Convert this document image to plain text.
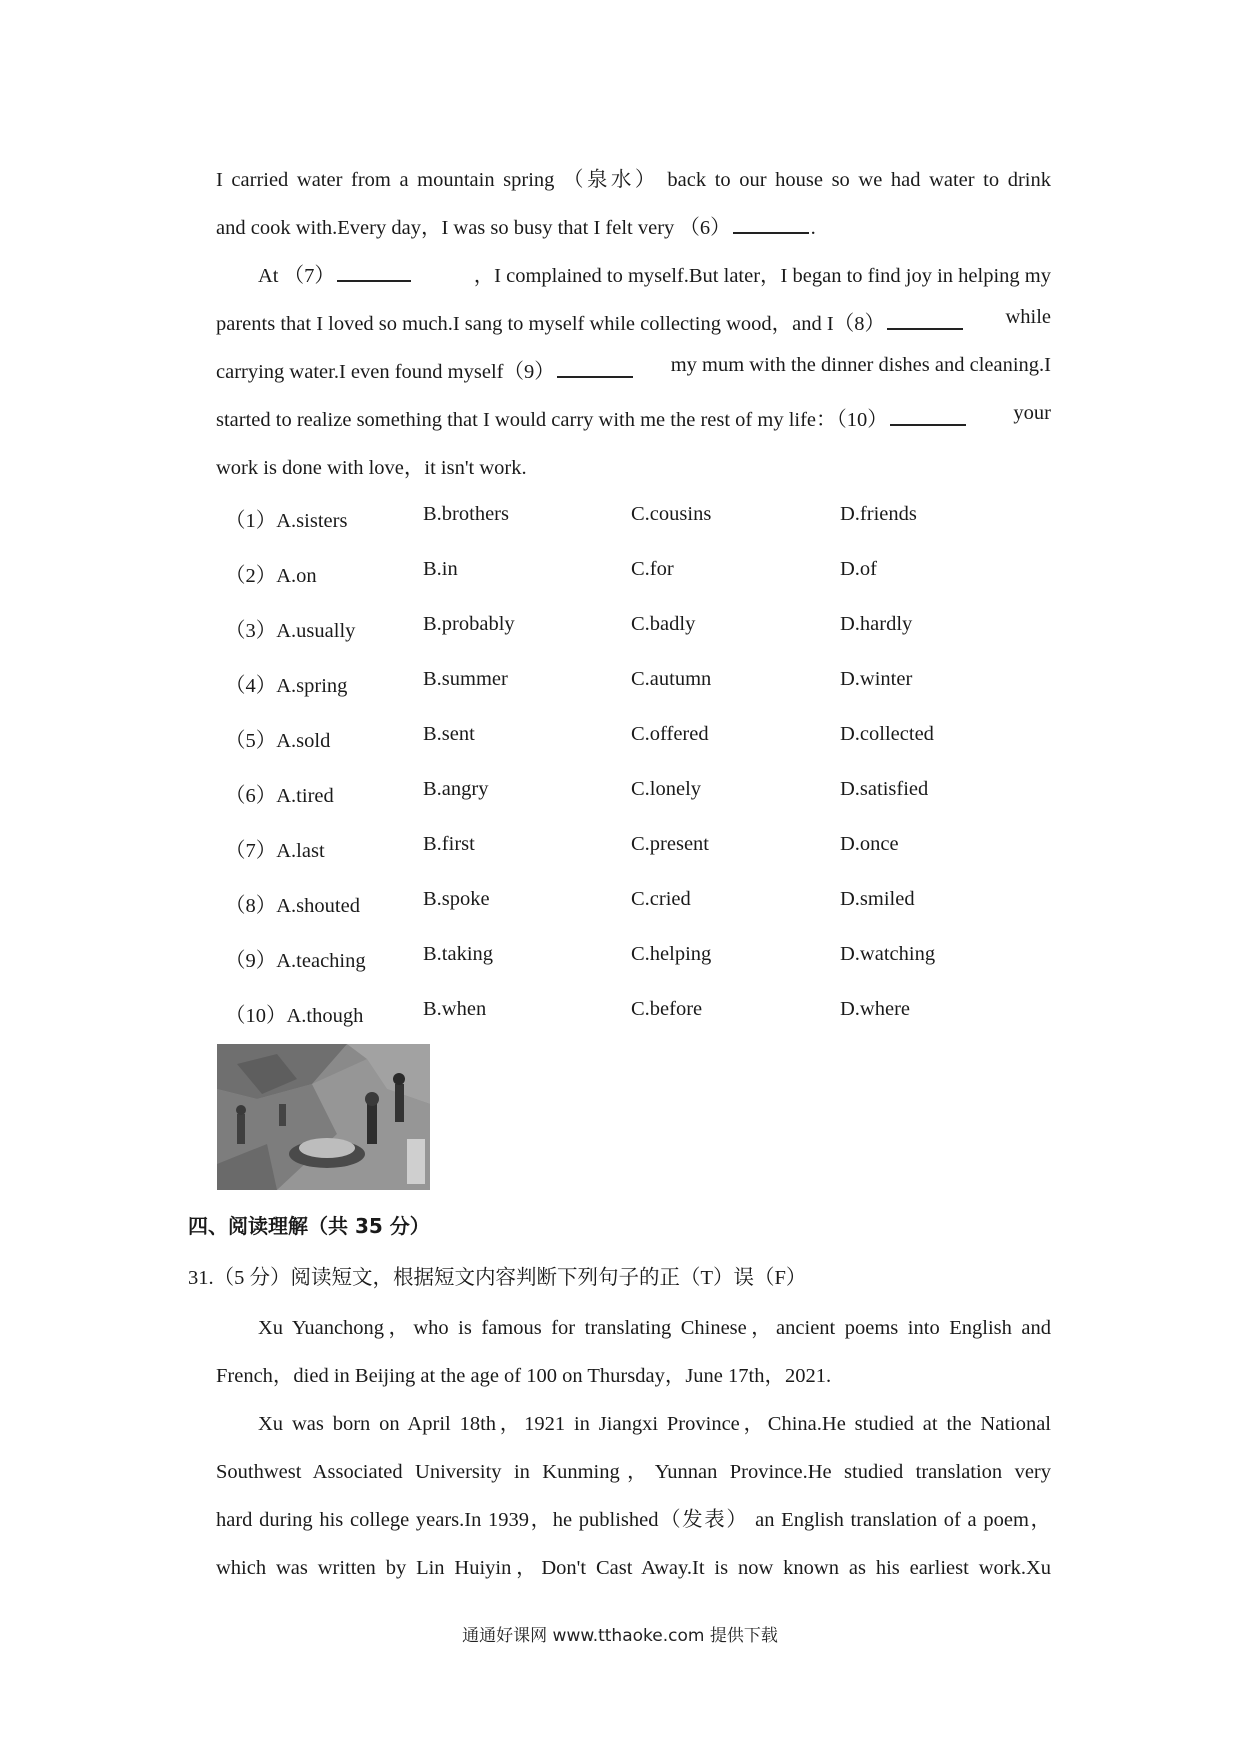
I carried water from a mountain spring （泉水） back to our house so we had water to drink
and cook with.Every day，I was so busy that I felt very （6）	.
At （7）	，I complained to myself.But later，I began to find joy in helping my
parents that I loved so much.I sang to myself while collecting wood，and I（8）	while
carrying water.I even found myself（9）	my mum with the dinner dishes and cleaning.I
started to realize something that I would carry with me the rest of my life：（10）	your
work is done with love，it isn't work.
（1）A.sisters	B.brothers	C.cousins	D.friends
（2）A.on	B.in	C.for	D.of
（3）A.usually	B.probably	C.badly	D.hardly
（4）A.spring	B.summer	C.autumn	D.winter
（5）A.sold	B.sent	C.offered	D.collected
（6）A.tired	B.angry	C.lonely	D.satisfied
（7）A.last	B.first	C.present	D.once
（8）A.shouted	B.spoke	C.cried	D.smiled
（9）A.teaching	B.taking	C.helping	D.watching
（10）A.though	B.when	C.before	D.where
四、阅读理解（共 35 分）
31.（5 分）阅读短文，根据短文内容判断下列句子的正（T）误（F）
Xu Yuanchong，who is famous for translating Chinese，ancient poems into English and
French，died in Beijing at the age of 100 on Thursday，June 17th，2021.
Xu was born on April 18th，1921 in Jiangxi Province，China.He studied at the National
Southwest Associated University in Kunming，Yunnan Province.He studied translation very
hard during his college years.In 1939，he published（发表） an English translation of a poem，
which was written by Lin Huiyin，Don't Cast Away.It is now known as his earliest work.Xu
通通好课网 www.tthaoke.com 提供下载
